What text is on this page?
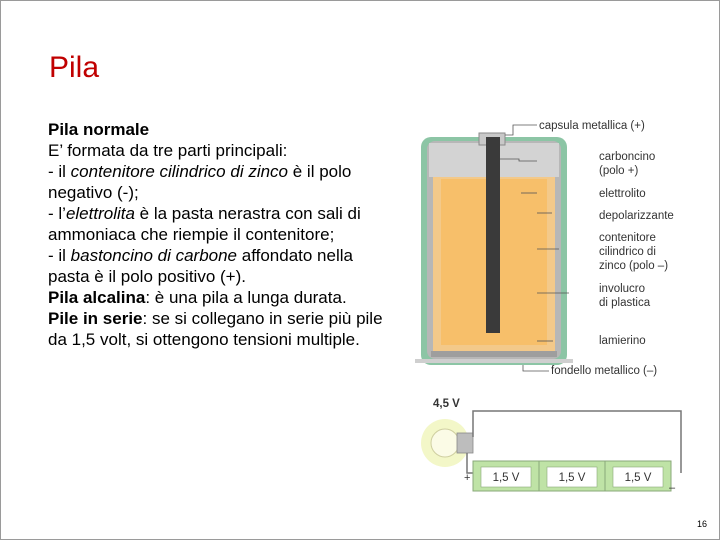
Pila
Pila normale
E’ formata da tre parti principali:
- il contenitore cilindrico di zinco è il polo negativo (-);
- l’elettrolita è la pasta nerastra con sali di ammoniaca che riempie il contenitore;
- il bastoncino di carbone affondato nella pasta è il polo positivo (+).
Pila alcalina: è una pila a lunga durata.
Pile in serie: se si collegano in serie più pile da 1,5 volt, si ottengono tensioni multiple.
capsula metallica (+)
carboncino
(polo +)
elettrolito
depolarizzante
contenitore
cilindrico di
zinco (polo –)
involucro
di plastica
lamierino
fondello metallico (–)
4,5 V
1,5 V	1,5 V	1,5 V
+
–
16
